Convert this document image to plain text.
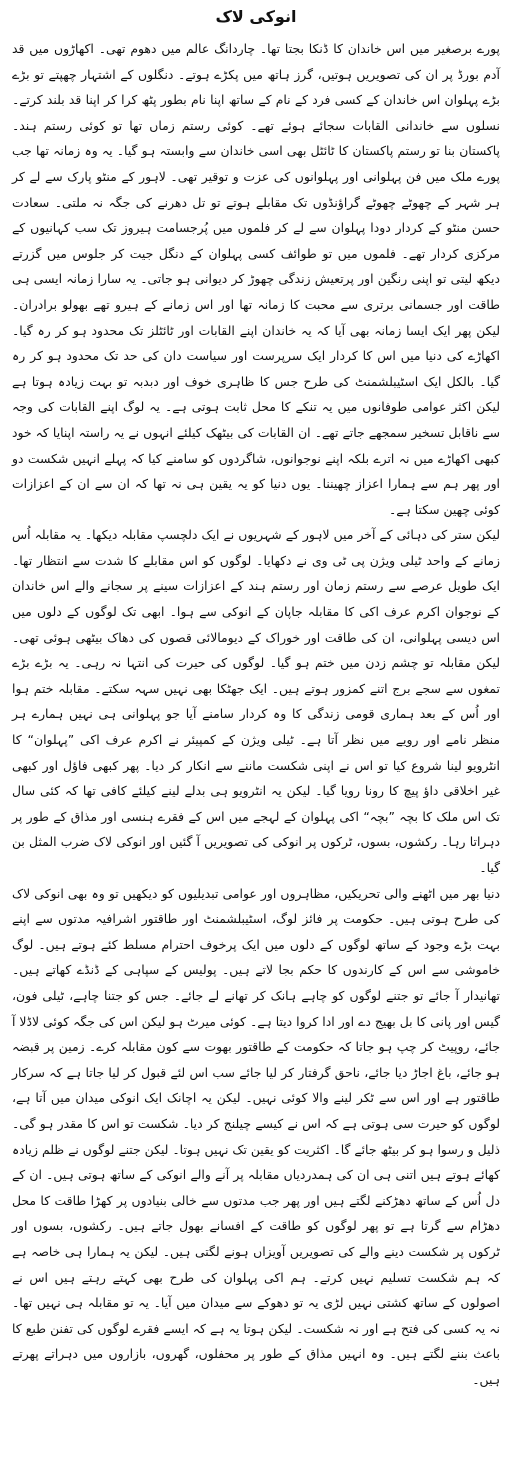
انوکی لاک

پورے برصغیر میں اس خاندان کا ڈنکا بجتا تھا۔ چاردانگ عالم میں دھوم تھی۔ اکھاڑوں میں قد آدم بورڈ پر ان کی تصویریں ہوتیں، گرز ہاتھ میں پکڑے ہوتے۔ دنگلوں کے اشتہار چھپتے تو بڑے بڑے پہلوان اس خاندان کے کسی فرد کے نام کے ساتھ اپنا نام بطور پٹھ کرا کر اپنا قد بلند کرتے۔ نسلوں سے خاندانی القابات سجائے ہوئے تھے۔ کوئی رستم زماں تھا تو کوئی رستم ہند۔ پاکستان بنا تو رستم پاکستان کا ٹائٹل بھی اسی خاندان سے وابستہ ہو گیا۔ یہ وہ زمانہ تھا جب پورے ملک میں فن پہلوانی اور پہلوانوں کی عزت و توقیر تھی۔ لاہور کے منٹو پارک سے لے کر ہر شہر کے چھوٹے چھوٹے گراؤنڈوں تک مقابلے ہوتے تو تل دھرنے کی جگہ نہ ملتی۔ سعادت حسن منٹو کے کردار دودا پہلوان سے لے کر فلموں میں پُرجسامت ہیروز تک سب کہانیوں کے مرکزی کردار تھے۔ فلموں میں تو طوائف کسی پہلوان کے دنگل جیت کر جلوس میں گزرتے دیکھ لیتی تو اپنی رنگین اور پرتعیش زندگی چھوڑ کر دیوانی ہو جاتی۔ یہ سارا زمانہ ایسی ہی طاقت اور جسمانی برتری سے محبت کا زمانہ تھا اور اس زمانے کے ہیرو تھے بھولو برادران۔ لیکن پھر ایک ایسا زمانہ بھی آیا کہ یہ خاندان اپنے القابات اور ٹائٹلز تک محدود ہو کر رہ گیا۔ اکھاڑے کی دنیا میں اس کا کردار ایک سرپرست اور سیاست دان کی حد تک محدود ہو کر رہ گیا۔ بالکل ایک اسٹیبلشمنٹ کی طرح جس کا ظاہری خوف اور دبدبہ تو بہت زیادہ ہوتا ہے لیکن اکثر عوامی طوفانوں میں یہ تنکے کا محل ثابت ہوتی ہے۔ یہ لوگ اپنے القابات کی وجہ سے ناقابل تسخیر سمجھے جاتے تھے۔ ان القابات کی بیٹھک کیلئے انہوں نے یہ راستہ اپنایا کہ خود کبھی اکھاڑے میں نہ اترے بلکہ اپنے نوجوانوں، شاگردوں کو سامنے کیا کہ پہلے انہیں شکست دو اور پھر ہم سے ہمارا اعزاز چھیننا۔ یوں دنیا کو یہ یقین ہی نہ تھا کہ ان سے ان کے اعزازات کوئی چھین سکتا ہے۔

لیکن ستر کی دہائی کے آخر میں لاہور کے شہریوں نے ایک دلچسپ مقابلہ دیکھا۔ یہ مقابلہ اُس زمانے کے واحد ٹیلی ویژن پی ٹی وی نے دکھایا۔ لوگوں کو اس مقابلے کا شدت سے انتظار تھا۔ ایک طویل عرصے سے رستم زمان اور رستم ہند کے اعزازات سینے پر سجانے والے اس خاندان کے نوجوان اکرم عرف اکی کا مقابلہ جاپان کے انوکی سے ہوا۔ ابھی تک لوگوں کے دلوں میں اس دیسی پہلوانی، ان کی طاقت اور خوراک کے دیومالائی قصوں کی دھاک بیٹھی ہوئی تھی۔ لیکن مقابلہ تو چشم زدن میں ختم ہو گیا۔ لوگوں کی حیرت کی انتہا نہ رہی۔ یہ بڑے بڑے تمغوں سے سجے برج اتنے کمزور ہوتے ہیں۔ ایک جھٹکا بھی نہیں سہہ سکتے۔ مقابلہ ختم ہوا اور اُس کے بعد ہماری قومی زندگی کا وہ کردار سامنے آیا جو پہلوانی ہی نہیں ہمارے ہر منظر نامے اور رویے میں نظر آتا ہے۔ ٹیلی ویژن کے کمپیئر نے اکرم عرف اکی ”پہلوان“ کا انٹرویو لینا شروع کیا تو اس نے اپنی شکست ماننے سے انکار کر دیا۔ پھر کبھی فاؤل اور کبھی غیر اخلاقی داؤ پیچ کا رونا رویا گیا۔ لیکن یہ انٹرویو ہی بدلے لینے کیلئے کافی تھا کہ کئی سال تک اس ملک کا بچہ ”بچہ“ اکی پہلوان کے لہجے میں اس کے فقرے ہنسی اور مذاق کے طور پر دہراتا رہا۔ رکشوں، بسوں، ٹرکوں پر انوکی کی تصویریں آ گئیں اور انوکی لاک ضرب المثل بن گیا۔

دنیا بھر میں اٹھنے والی تحریکیں، مظاہروں اور عوامی تبدیلیوں کو دیکھیں تو وہ بھی انوکی لاک کی طرح ہوتی ہیں۔ حکومت پر فائز لوگ، اسٹیبلشمنٹ اور طاقتور اشرافیہ مدتوں سے اپنے بہت بڑے وجود کے ساتھ لوگوں کے دلوں میں ایک پرخوف احترام مسلط کئے ہوتے ہیں۔ لوگ خاموشی سے اس کے کارندوں کا حکم بجا لاتے ہیں۔ پولیس کے سپاہی کے ڈنڈے کھاتے ہیں۔ تھانیدار آ جائے تو جتنے لوگوں کو چاہے ہانک کر تھانے لے جائے۔ جس کو جتنا چاہے، ٹیلی فون، گیس اور پانی کا بل بھیج دے اور ادا کروا دیتا ہے۔ کوئی میرٹ ہو لیکن اس کی جگہ کوئی لاڈلا آ جائے، روپیٹ کر چپ ہو جاتا کہ حکومت کے طاقتور بھوت سے کون مقابلہ کرے۔ زمین پر قبضہ ہو جائے، باغ اجاڑ دیا جائے، ناحق گرفتار کر لیا جائے سب اس لئے قبول کر لیا جاتا ہے کہ سرکار طاقتور ہے اور اس سے ٹکر لینے والا کوئی نہیں۔ لیکن یہ اچانک ایک انوکی میدان میں آتا ہے، لوگوں کو حیرت سی ہوتی ہے کہ اس نے کیسے چیلنج کر دیا۔ شکست تو اس کا مقدر ہو گی۔ ذلیل و رسوا ہو کر بیٹھ جائے گا۔ اکثریت کو یقین تک نہیں ہوتا۔ لیکن جتنے لوگوں نے ظلم زیادہ کھائے ہوتے ہیں اتنی ہی ان کی ہمدردیاں مقابلہ پر آنے والے انوکی کے ساتھ ہوتی ہیں۔ ان کے دل اُس کے ساتھ دھڑکنے لگتے ہیں اور پھر جب مدتوں سے خالی بنیادوں پر کھڑا طاقت کا محل دھڑام سے گرتا ہے تو پھر لوگوں کو طاقت کے افسانے بھول جاتے ہیں۔ رکشوں، بسوں اور ٹرکوں پر شکست دینے والے کی تصویریں آویزاں ہونے لگتی ہیں۔ لیکن یہ ہمارا ہی خاصہ ہے کہ ہم شکست تسلیم نہیں کرتے۔ ہم اکی پہلوان کی طرح بھی کہتے رہتے ہیں اس نے اصولوں کے ساتھ کشتی نہیں لڑی یہ تو دھوکے سے میدان میں آیا۔ یہ تو مقابلہ ہی نہیں تھا۔ نہ یہ کسی کی فتح ہے اور نہ شکست۔ لیکن ہوتا یہ ہے کہ ایسے فقرے لوگوں کی تفنن طبع کا باعث بننے لگتے ہیں۔ وہ انہیں مذاق کے طور پر محفلوں، گھروں، بازاروں میں دہراتے پھرتے ہیں۔
